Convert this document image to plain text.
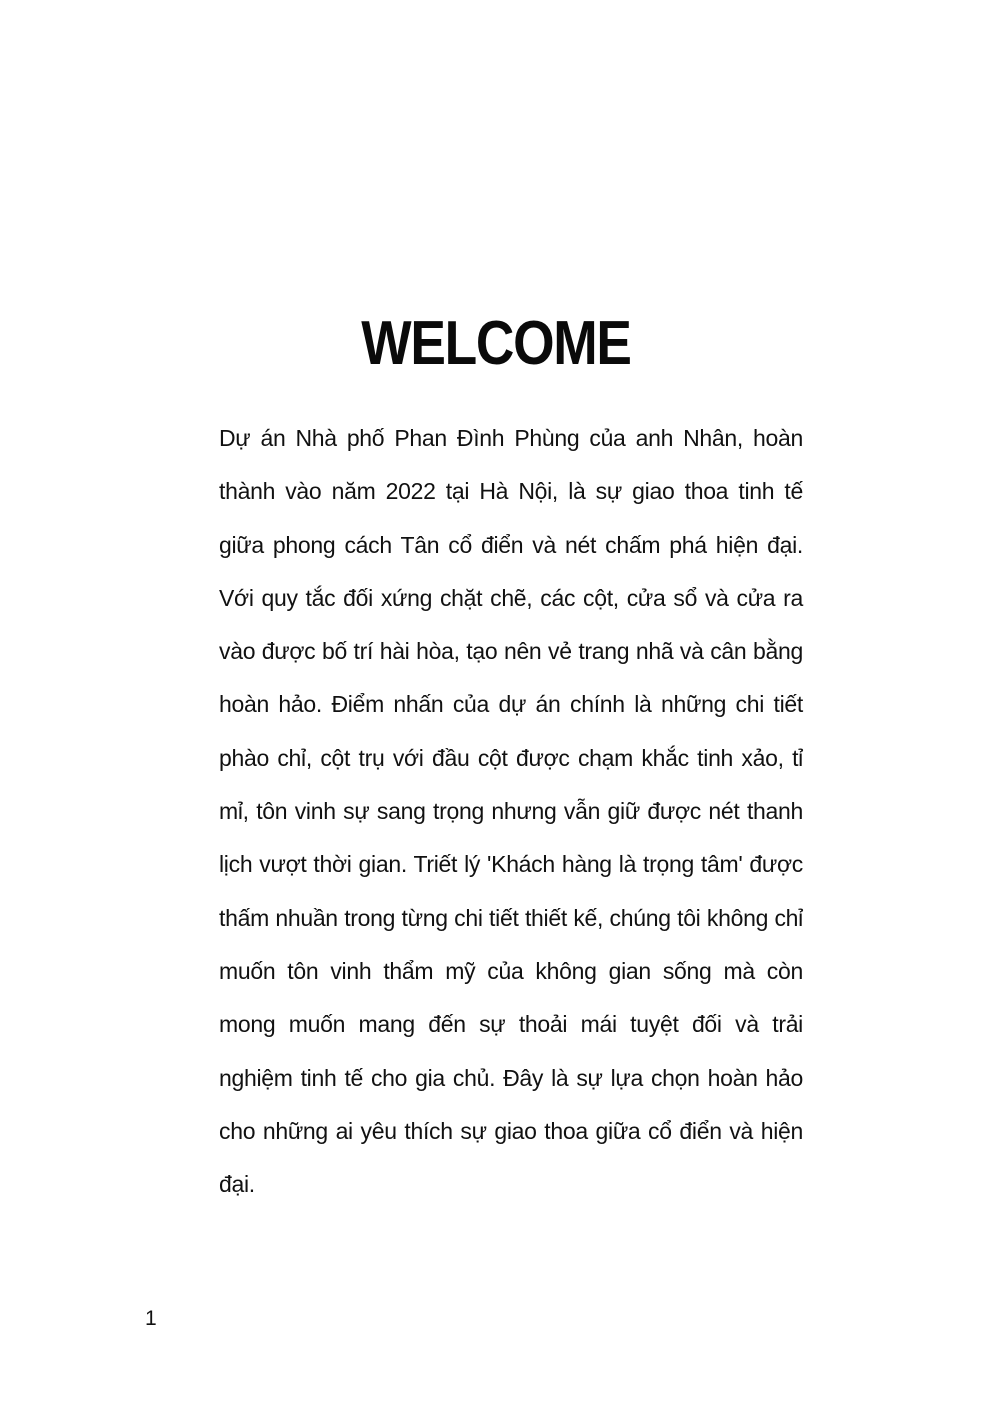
WELCOME

Dự án Nhà phố Phan Đình Phùng của anh Nhân, hoàn thành vào năm 2022 tại Hà Nội, là sự giao thoa tinh tế giữa phong cách Tân cổ điển và nét chấm phá hiện đại. Với quy tắc đối xứng chặt chẽ, các cột, cửa sổ và cửa ra vào được bố trí hài hòa, tạo nên vẻ trang nhã và cân bằng hoàn hảo. Điểm nhấn của dự án chính là những chi tiết phào chỉ, cột trụ với đầu cột được chạm khắc tinh xảo, tỉ mỉ, tôn vinh sự sang trọng nhưng vẫn giữ được nét thanh lịch vượt thời gian. Triết lý 'Khách hàng là trọng tâm' được thấm nhuần trong từng chi tiết thiết kế, chúng tôi không chỉ muốn tôn vinh thẩm mỹ của không gian sống mà còn mong muốn mang đến sự thoải mái tuyệt đối và trải nghiệm tinh tế cho gia chủ. Đây là sự lựa chọn hoàn hảo cho những ai yêu thích sự giao thoa giữa cổ điển và hiện đại.

1
